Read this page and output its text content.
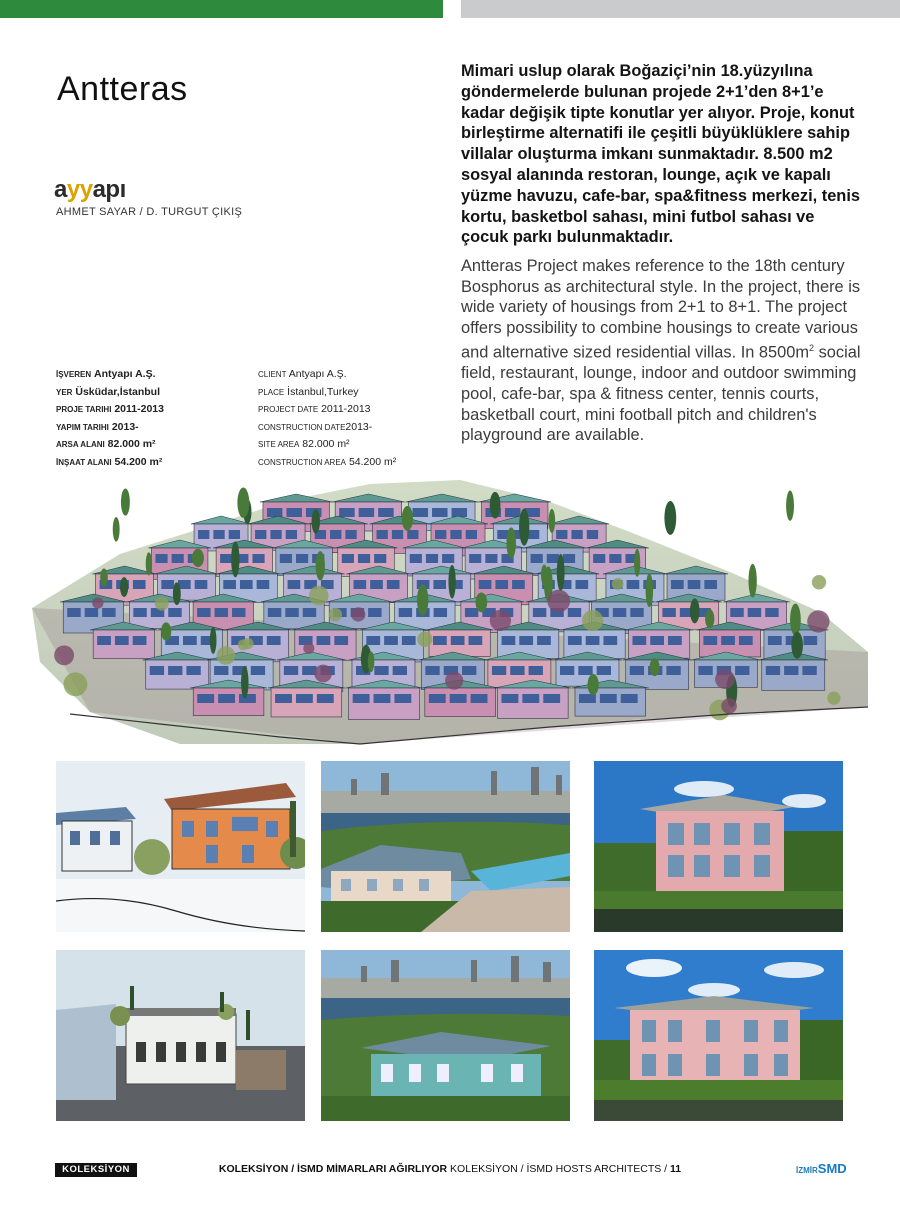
Antteras
ayyapı
AHMET SAYAR / D. TURGUT ÇIKIŞ
Mimari uslup olarak Boğaziçi’nin 18.yüzyılına göndermelerde bulunan projede 2+1’den 8+1’e kadar değişik tipte konutlar yer alıyor. Proje, konut birleştirme alternatifi ile çeşitli büyüklüklere sahip villalar oluşturma imkanı sunmaktadır. 8.500 m2 sosyal alanında restoran, lounge, açık ve kapalı yüzme havuzu, cafe-bar, spa&fitness merkezi, tenis kortu, basketbol sahası, mini futbol sahası ve çocuk parkı bulunmaktadır.
Antteras Project makes reference to the 18th century Bosphorus as architectural style. In the project, there is wide variety of housings from 2+1 to 8+1. The project offers possibility to combine housings to create various and alternative sized residential villas. In $8500m^2$ social field, restaurant, lounge, indoor and outdoor swimming pool, cafe-bar, spa & fitness center, tennis courts, basketball court, mini football pitch and children's playground are available.
İŞVEREN Antyapı A.Ş.
YER Üsküdar,İstanbul
PROJE TARIHI 2011-2013
YAPIM TARIHI 2013-
ARSA ALANI 82.000 m²
İNŞAAT ALANI 54.200 m²
CLIENT Antyapı A.Ş.
PLACE İstanbul,Turkey
PROJECT DATE 2011-2013
CONSTRUCTION DATE2013-
SITE AREA 82.000 m²
CONSTRUCTION AREA 54.200 m²
KOLEKSİYON / İSMD MİMARLARI AĞIRLIYOR KOLEKSİYON / İSMD HOSTS ARCHITECTS / 11
KOLEKSİYON	İZMİRSMD
